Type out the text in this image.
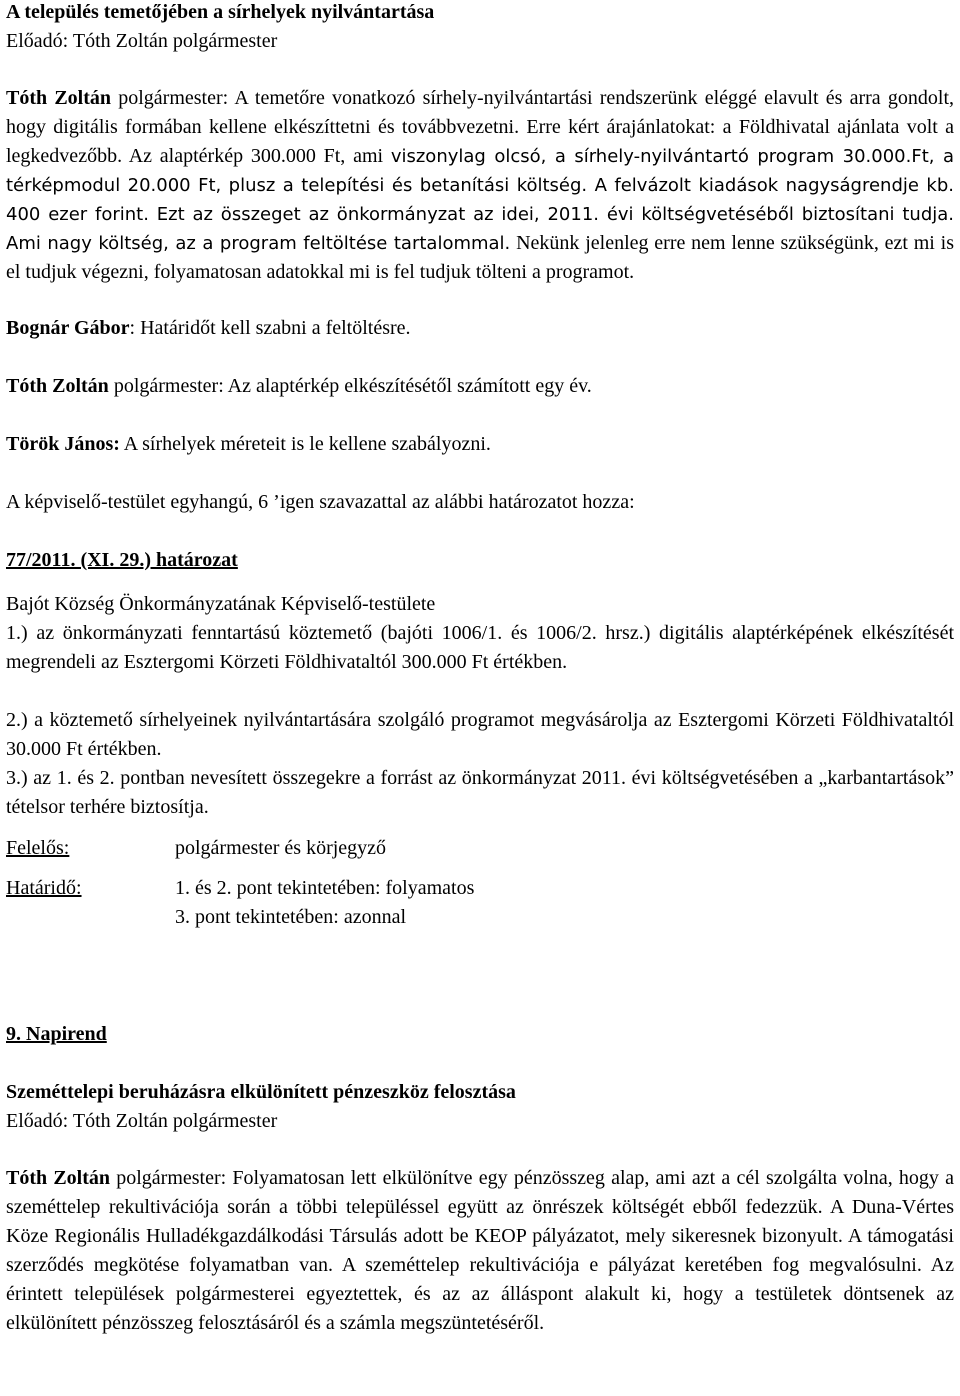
A település temetőjében a sírhelyek nyilvántartása
Előadó: Tóth Zoltán polgármester
Tóth Zoltán polgármester: A temetőre vonatkozó sírhely-nyilvántartási rendszerünk eléggé elavult és arra gondolt, hogy digitális formában kellene elkészíttetni és továbbvezetni. Erre kért árajánlatokat: a Földhivatal ajánlata volt a legkedvezőbb. Az alaptérkép 300.000 Ft, ami viszonylag olcsó, a sírhely-nyilvántartó program 30.000.Ft, a térképmodul 20.000 Ft, plusz a telepítési és betanítási költség. A felvázolt kiadások nagyságrendje kb. 400 ezer forint. Ezt az összeget az önkormányzat az idei, 2011. évi költségvetéséből biztosítani tudja. Ami nagy költség, az a program feltöltése tartalommal. Nekünk jelenleg erre nem lenne szükségünk, ezt mi is el tudjuk végezni, folyamatosan adatokkal mi is fel tudjuk tölteni a programot.
Bognár Gábor: Határidőt kell szabni a feltöltésre.
Tóth Zoltán polgármester: Az alaptérkép elkészítésétől számított egy év.
Török János: A sírhelyek méreteit is le kellene szabályozni.
A képviselő-testület egyhangú, 6 ’igen szavazattal az alábbi határozatot hozza:
77/2011. (XI. 29.) határozat
Bajót Község Önkormányzatának Képviselő-testülete
1.) az önkormányzati fenntartású köztemető (bajóti 1006/1. és 1006/2. hrsz.) digitális alaptérképének elkészítését megrendeli az Esztergomi Körzeti Földhivataltól 300.000 Ft értékben.
2.) a köztemető sírhelyeinek nyilvántartására szolgáló programot megvásárolja az Esztergomi Körzeti Földhivataltól 30.000 Ft értékben.
3.) az 1. és 2. pontban nevesített összegekre a forrást az önkormányzat 2011. évi költségvetésében a „karbantartások” tételsor terhére biztosítja.
Felelős:	polgármester és körjegyző
Határidő:	1. és 2. pont tekintetében: folyamatos
3. pont tekintetében: azonnal
9. Napirend
Szeméttelepi beruházásra elkülönített pénzeszköz felosztása
Előadó: Tóth Zoltán polgármester
Tóth Zoltán polgármester: Folyamatosan lett elkülönítve egy pénzösszeg alap, ami azt a cél szolgálta volna, hogy a szeméttelep rekultivációja során a többi településsel együtt az önrészek költségét ebből fedezzük. A Duna-Vértes Köze Regionális Hulladékgazdálkodási Társulás adott be KEOP pályázatot, mely sikeresnek bizonyult. A támogatási szerződés megkötése folyamatban van. A szeméttelep rekultivációja e pályázat keretében fog megvalósulni. Az érintett települések polgármesterei egyeztettek, és az az álláspont alakult ki, hogy a testületek döntsenek az elkülönített pénzösszeg felosztásáról és a számla megszüntetéséről.
